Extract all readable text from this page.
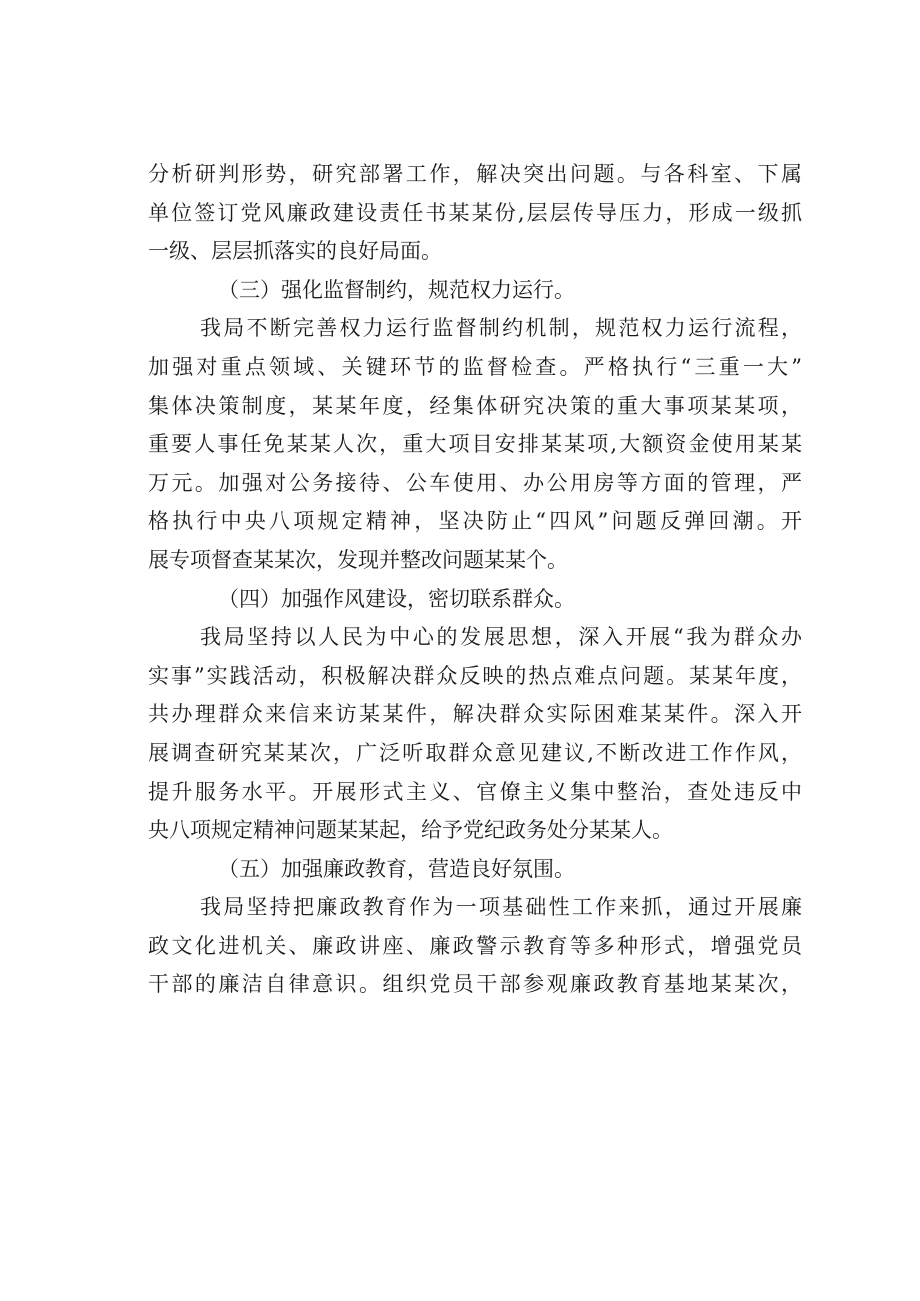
分析研判形势，研究部署工作，解决突出问题。与各科室、下属
单位签订党风廉政建设责任书某某份,层层传导压力，形成一级抓
一级、层层抓落实的良好局面。
（三）强化监督制约，规范权力运行。
我局不断完善权力运行监督制约机制，规范权力运行流程，
加强对重点领域、关键环节的监督检查。严格执行“三重一大”
集体决策制度，某某年度，经集体研究决策的重大事项某某项，
重要人事任免某某人次，重大项目安排某某项,大额资金使用某某
万元。加强对公务接待、公车使用、办公用房等方面的管理，严
格执行中央八项规定精神，坚决防止“四风”问题反弹回潮。开
展专项督查某某次，发现并整改问题某某个。
（四）加强作风建设，密切联系群众。
我局坚持以人民为中心的发展思想，深入开展“我为群众办
实事”实践活动，积极解决群众反映的热点难点问题。某某年度，
共办理群众来信来访某某件，解决群众实际困难某某件。深入开
展调查研究某某次，广泛听取群众意见建议,不断改进工作作风，
提升服务水平。开展形式主义、官僚主义集中整治，查处违反中
央八项规定精神问题某某起，给予党纪政务处分某某人。
（五）加强廉政教育，营造良好氛围。
我局坚持把廉政教育作为一项基础性工作来抓，通过开展廉
政文化进机关、廉政讲座、廉政警示教育等多种形式，增强党员
干部的廉洁自律意识。组织党员干部参观廉政教育基地某某次，
